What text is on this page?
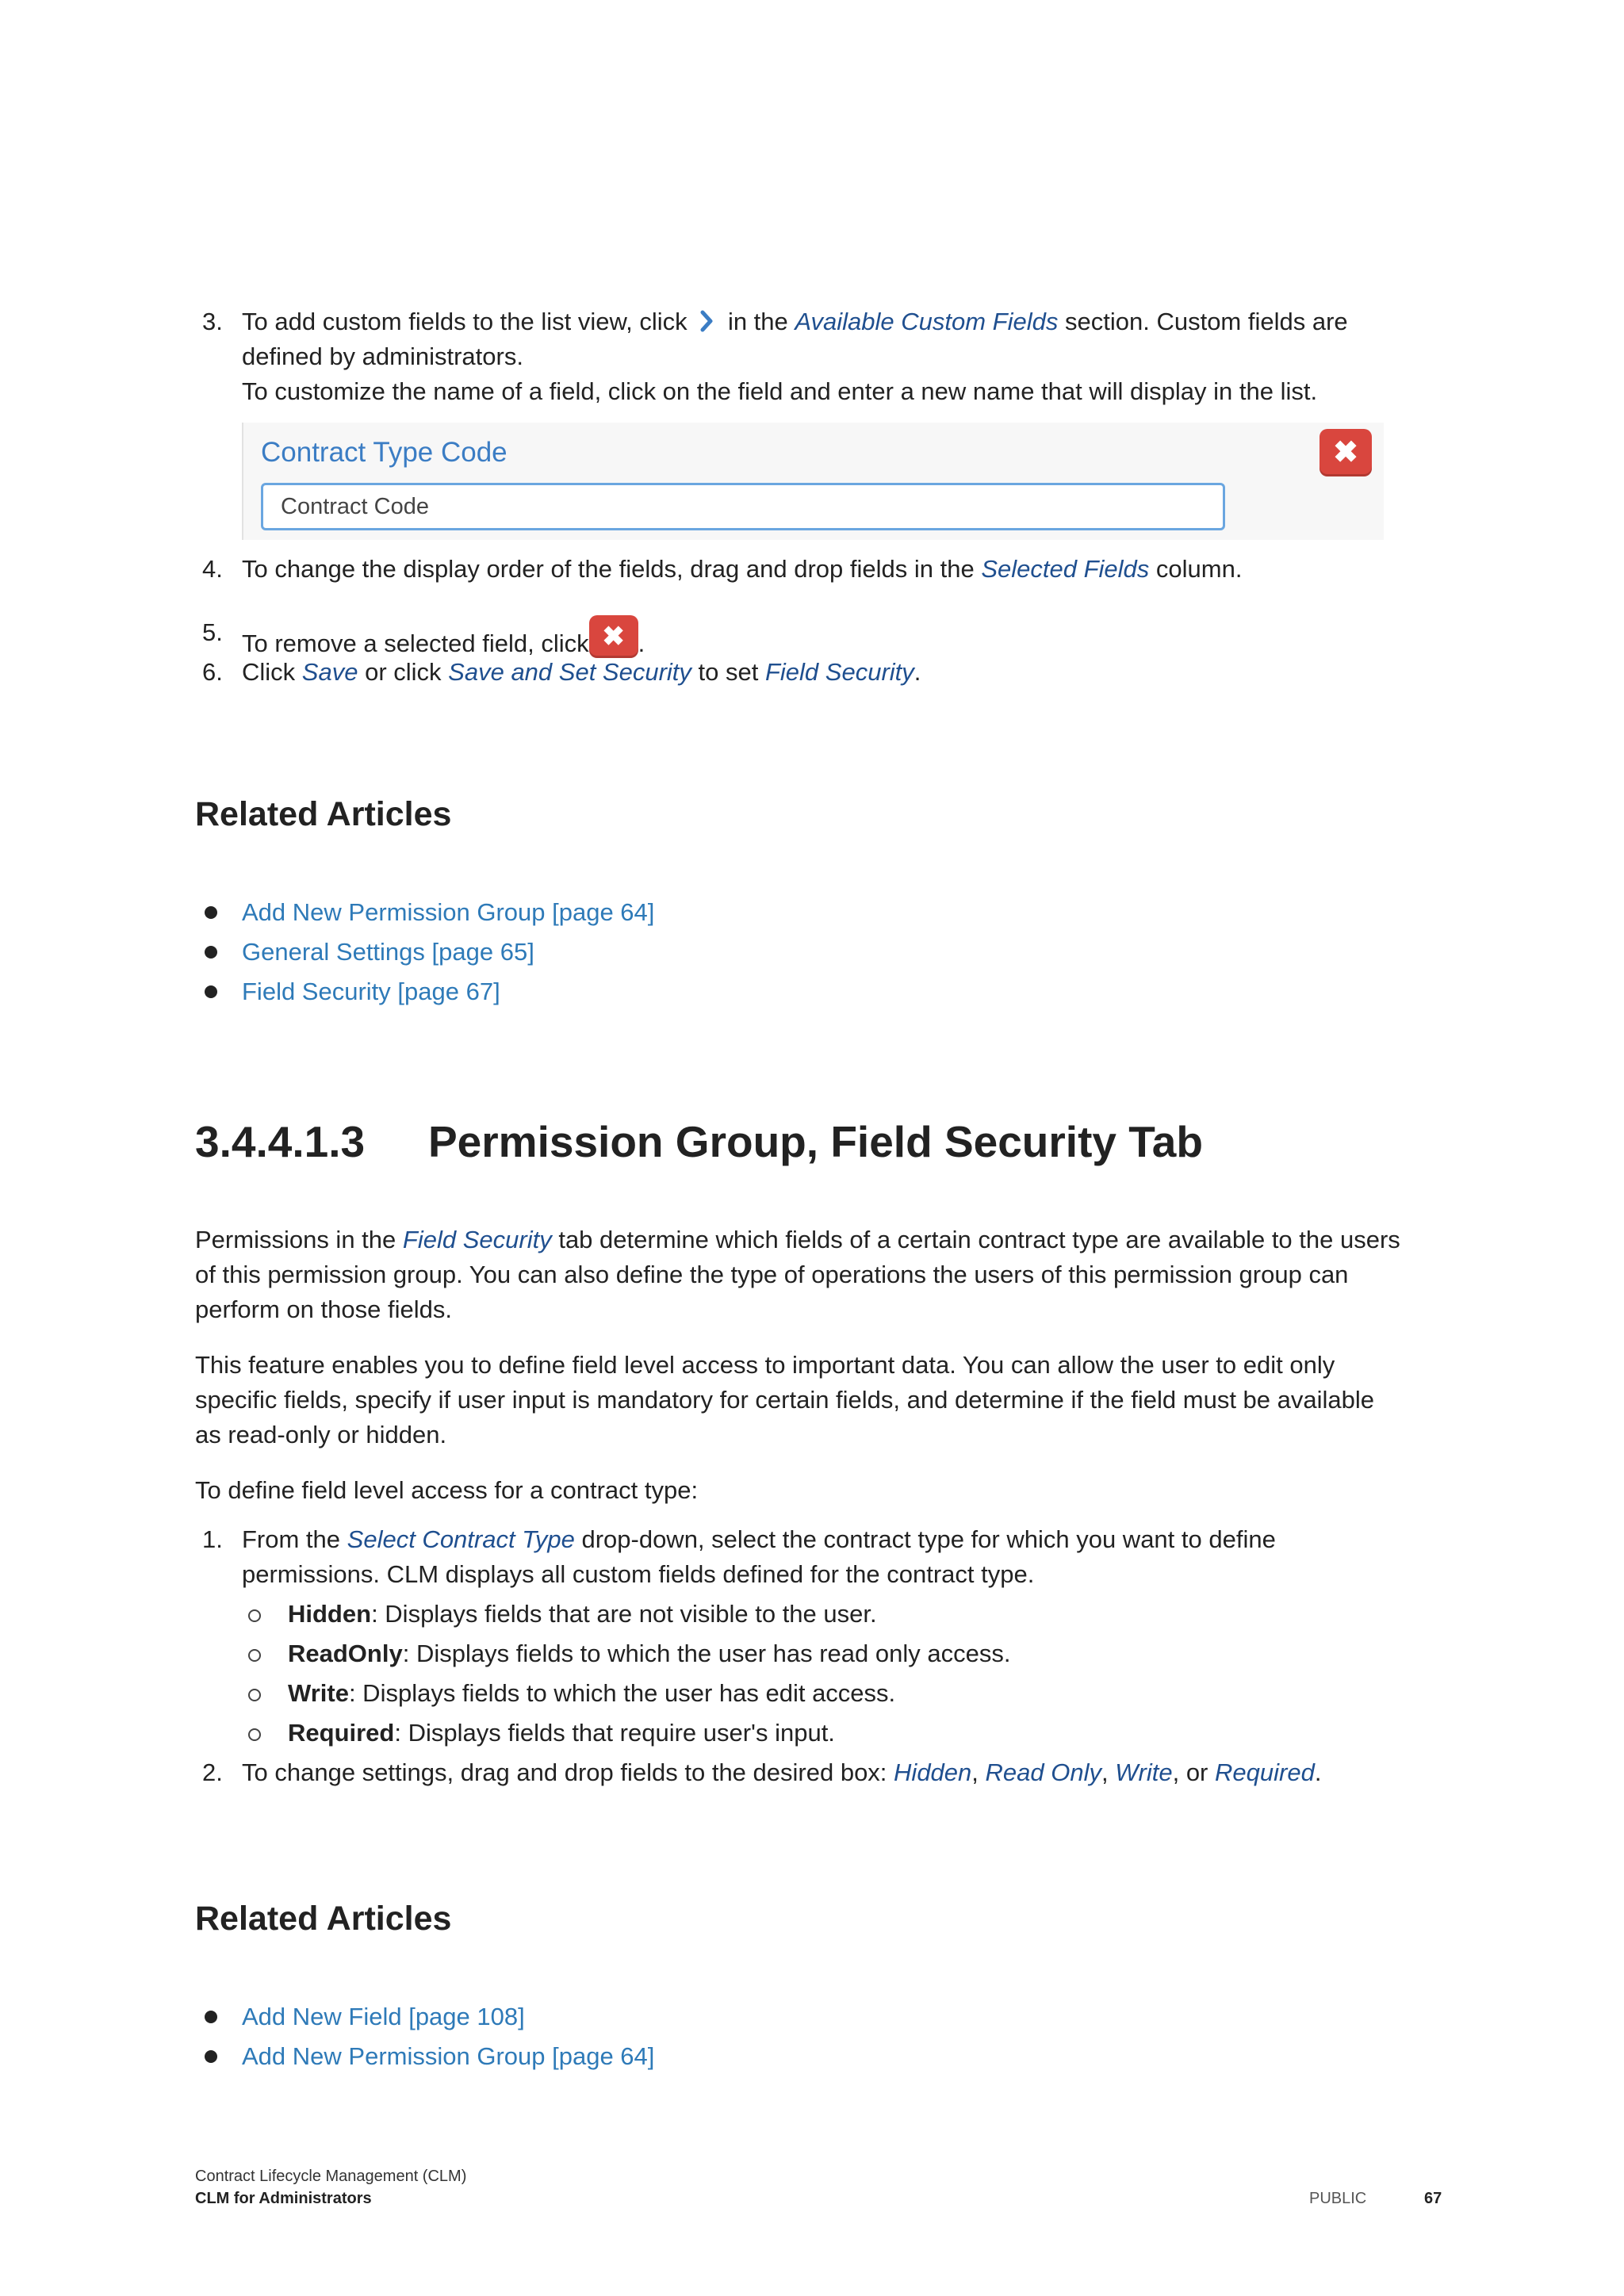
3. To add custom fields to the list view, click in the Available Custom Fields section. Custom fields are
defined by administrators.
To customize the name of a field, click on the field and enter a new name that will display in the list.
Contract Type Code	✖
Contract Code
4. To change the display order of the fields, drag and drop fields in the Selected Fields column.
5. To remove a selected field, click ✖ .
6. Click Save or click Save and Set Security to set Field Security.
Related Articles
Add New Permission Group [page 64]
General Settings [page 65]
Field Security [page 67]
3.4.4.1.3 Permission Group, Field Security Tab
Permissions in the Field Security tab determine which fields of a certain contract type are available to the users
of this permission group. You can also define the type of operations the users of this permission group can
perform on those fields.
This feature enables you to define field level access to important data. You can allow the user to edit only
specific fields, specify if user input is mandatory for certain fields, and determine if the field must be available
as read-only or hidden.
To define field level access for a contract type:
1. From the Select Contract Type drop-down, select the contract type for which you want to define
permissions. CLM displays all custom fields defined for the contract type.
Hidden: Displays fields that are not visible to the user.
ReadOnly: Displays fields to which the user has read only access.
Write: Displays fields to which the user has edit access.
Required: Displays fields that require user's input.
2. To change settings, drag and drop fields to the desired box: Hidden, Read Only, Write, or Required.
Related Articles
Add New Field [page 108]
Add New Permission Group [page 64]
Contract Lifecycle Management (CLM)
CLM for Administrators	PUBLIC	67
